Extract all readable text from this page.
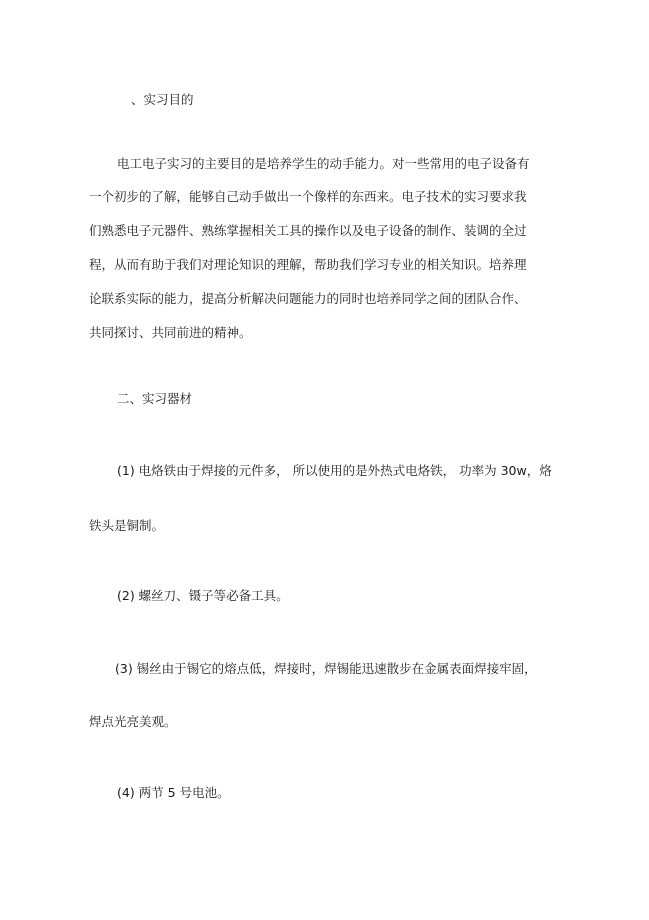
、实习目的
电工电子实习的主要目的是培养学生的动手能力。对一些常用的电子设备有
一个初步的了解，能够自己动手做出一个像样的东西来。电子技术的实习要求我
们熟悉电子元器件、熟练掌握相关工具的操作以及电子设备的制作、装调的全过
程，从而有助于我们对理论知识的理解，帮助我们学习专业的相关知识。培养理
论联系实际的能力，提高分析解决问题能力的同时也培养同学之间的团队合作、
共同探讨、共同前进的精神。
二、实习器材
(1) 电烙铁由于焊接的元件多， 所以使用的是外热式电烙铁， 功率为 30w，烙
铁头是铜制。
(2) 螺丝刀、镊子等必备工具。
(3) 锡丝由于锡它的熔点低，焊接时，焊锡能迅速散步在金属表面焊接牢固，
焊点光亮美观。
(4) 两节 5 号电池。
